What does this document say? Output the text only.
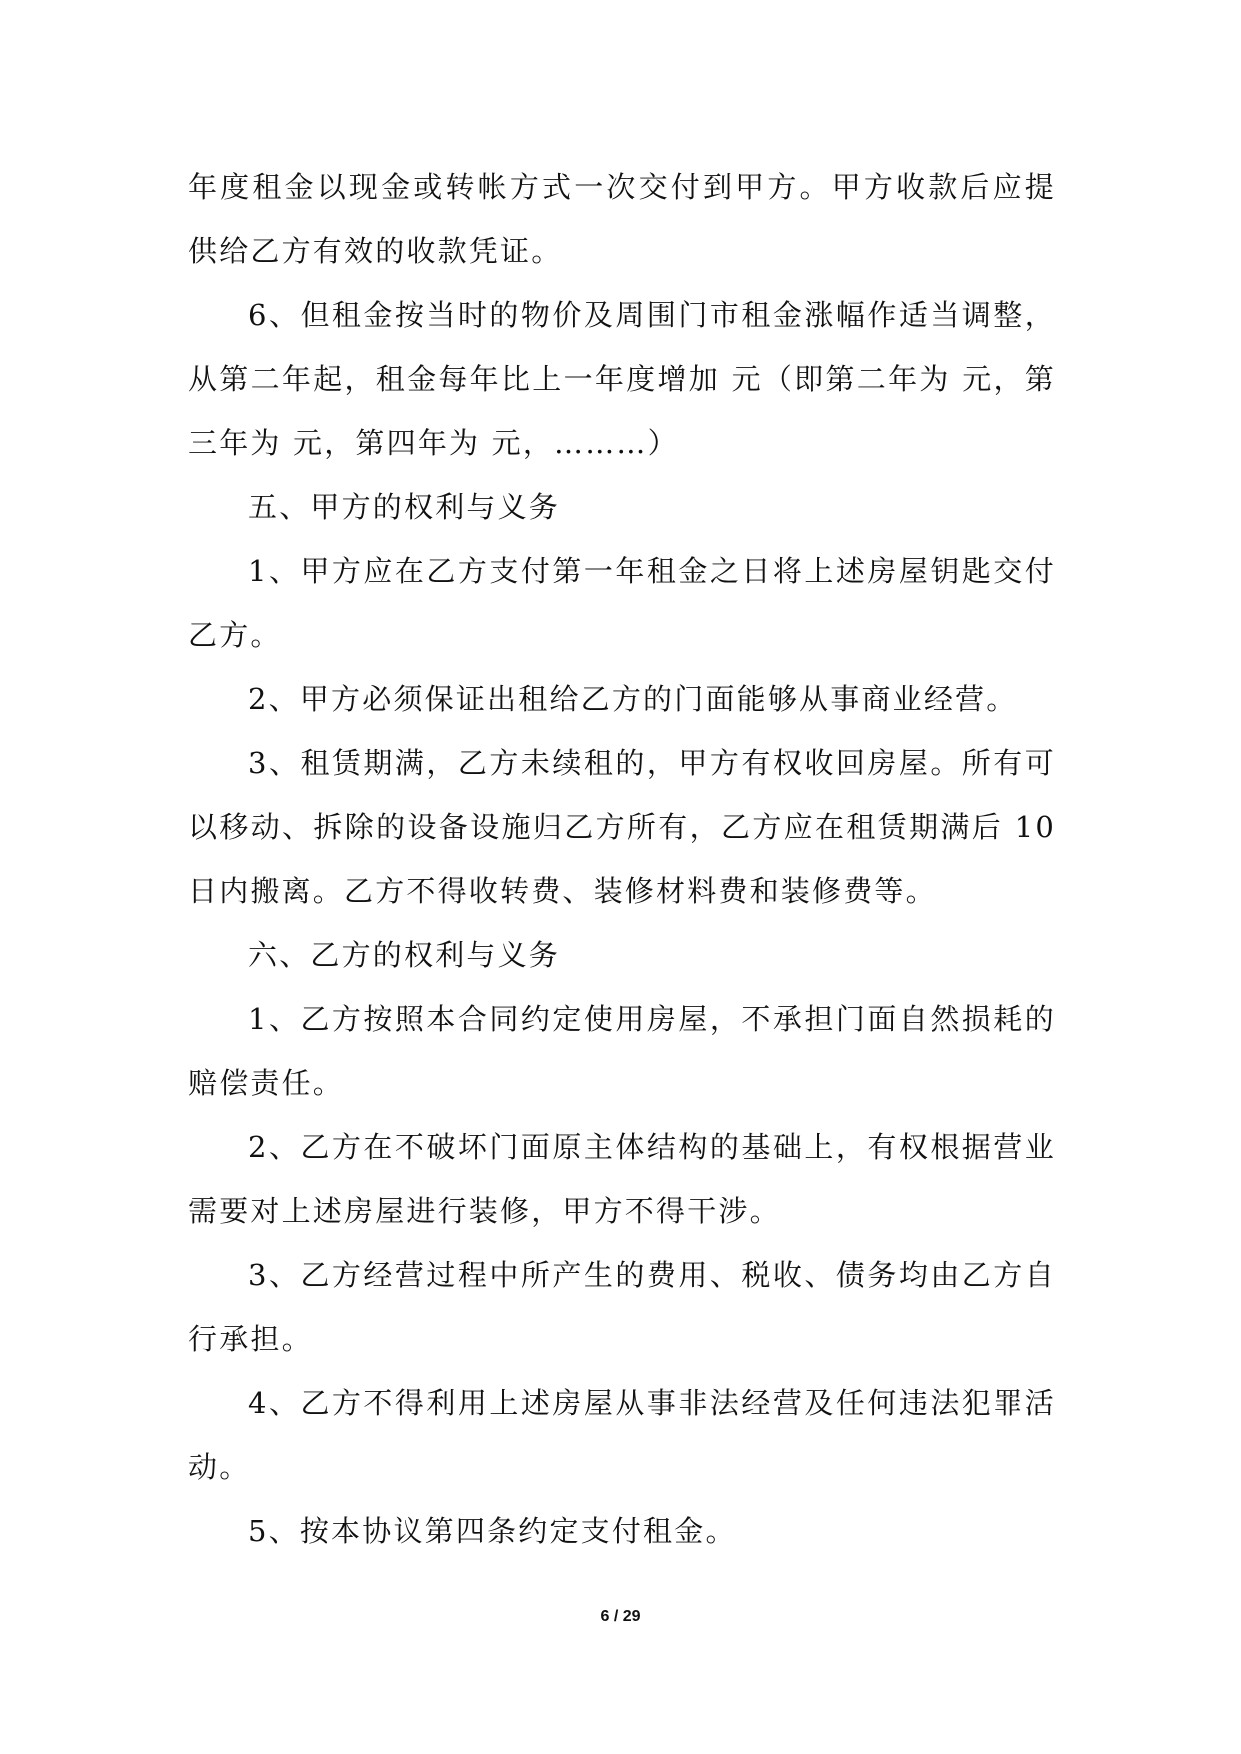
年度租金以现金或转帐方式一次交付到甲方。甲方收款后应提供给乙方有效的收款凭证。

6、但租金按当时的物价及周围门市租金涨幅作适当调整，从第二年起，租金每年比上一年度增加 元（即第二年为 元，第三年为 元，第四年为 元，………）

五、甲方的权利与义务

1、甲方应在乙方支付第一年租金之日将上述房屋钥匙交付乙方。

2、甲方必须保证出租给乙方的门面能够从事商业经营。

3、租赁期满，乙方未续租的，甲方有权收回房屋。所有可以移动、拆除的设备设施归乙方所有，乙方应在租赁期满后 10 日内搬离。乙方不得收转费、装修材料费和装修费等。

六、乙方的权利与义务

1、乙方按照本合同约定使用房屋，不承担门面自然损耗的赔偿责任。

2、乙方在不破坏门面原主体结构的基础上，有权根据营业需要对上述房屋进行装修，甲方不得干涉。

3、乙方经营过程中所产生的费用、税收、债务均由乙方自行承担。

4、乙方不得利用上述房屋从事非法经营及任何违法犯罪活动。

5、按本协议第四条约定支付租金。

6 / 29
